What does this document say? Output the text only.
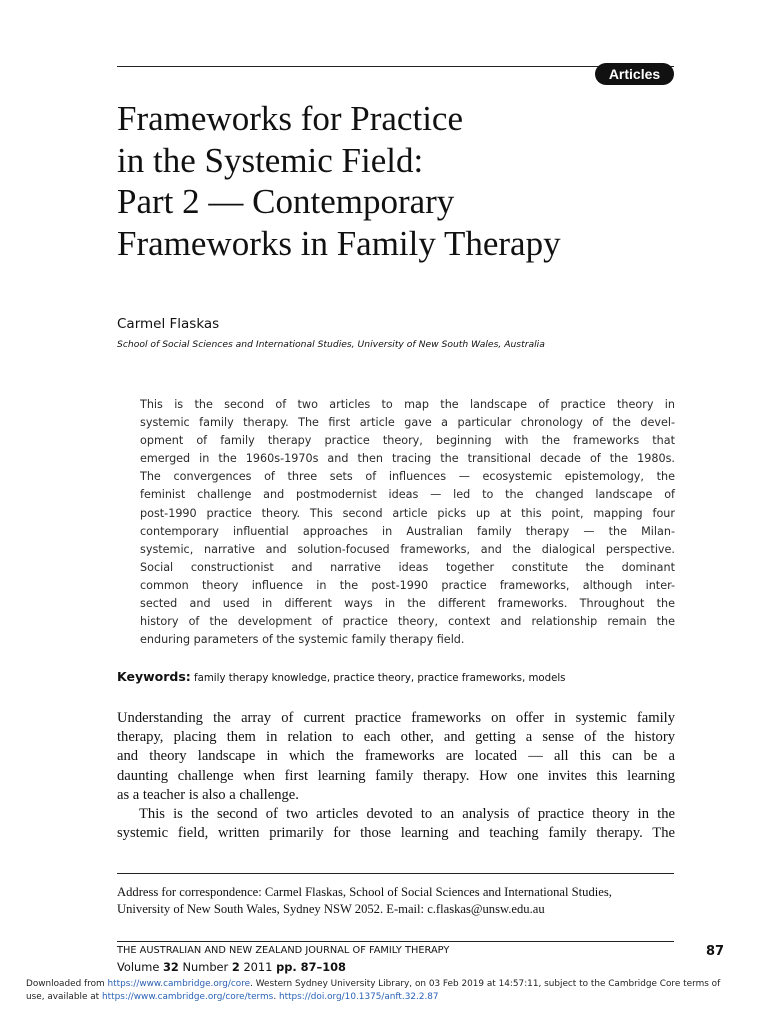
Articles
Frameworks for Practice
in the Systemic Field:
Part 2 — Contemporary
Frameworks in Family Therapy
Carmel Flaskas
School of Social Sciences and International Studies, University of New South Wales, Australia

This is the second of two articles to map the landscape of practice theory in
systemic family therapy. The first article gave a particular chronology of the devel-
opment of family therapy practice theory, beginning with the frameworks that
emerged in the 1960s-1970s and then tracing the transitional decade of the 1980s.
The convergences of three sets of influences — ecosystemic epistemology, the
feminist challenge and postmodernist ideas — led to the changed landscape of
post-1990 practice theory. This second article picks up at this point, mapping four
contemporary influential approaches in Australian family therapy — the Milan-
systemic, narrative and solution-focused frameworks, and the dialogical perspective.
Social constructionist and narrative ideas together constitute the dominant
common theory influence in the post-1990 practice frameworks, although inter-
sected and used in different ways in the different frameworks. Throughout the
history of the development of practice theory, context and relationship remain the
enduring parameters of the systemic family therapy field.

Keywords: family therapy knowledge, practice theory, practice frameworks, models
Understanding the array of current practice frameworks on offer in systemic family
therapy, placing them in relation to each other, and getting a sense of the history
and theory landscape in which the frameworks are located — all this can be a
daunting challenge when first learning family therapy. How one invites this learning
as a teacher is also a challenge.
This is the second of two articles devoted to an analysis of practice theory in the
systemic field, written primarily for those learning and teaching family therapy. The
Address for correspondence: Carmel Flaskas, School of Social Sciences and International Studies,
University of New South Wales, Sydney NSW 2052. E-mail: c.flaskas@unsw.edu.au
THE AUSTRALIAN AND NEW ZEALAND JOURNAL OF FAMILY THERAPY
Volume 32 Number 2 2011 pp. 87–108
87
Downloaded from https://www.cambridge.org/core. Western Sydney University Library, on 03 Feb 2019 at 14:57:11, subject to the Cambridge Core terms of
use, available at https://www.cambridge.org/core/terms. https://doi.org/10.1375/anft.32.2.87
